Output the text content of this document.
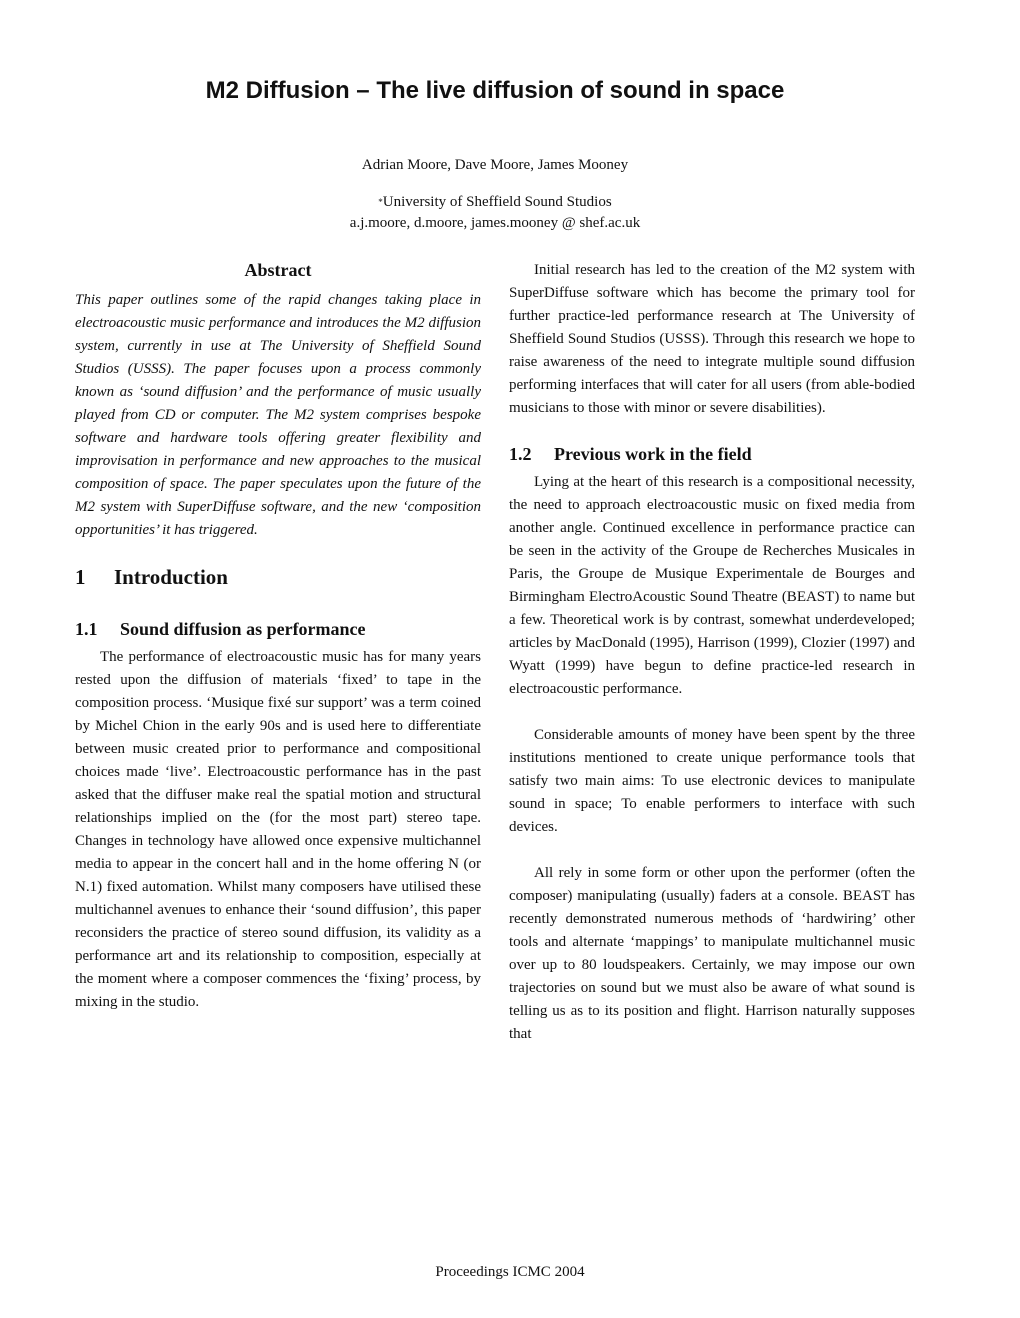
M2 Diffusion – The live diffusion of sound in space
Adrian Moore, Dave Moore, James Mooney
*University of Sheffield Sound Studios
a.j.moore, d.moore, james.mooney @ shef.ac.uk
Abstract

This paper outlines some of the rapid changes taking place in electroacoustic music performance and introduces the M2 diffusion system, currently in use at The University of Sheffield Sound Studios (USSS). The paper focuses upon a process commonly known as ‘sound diffusion’ and the performance of music usually played from CD or computer. The M2 system comprises bespoke software and hardware tools offering greater flexibility and improvisation in performance and new approaches to the musical composition of space. The paper speculates upon the future of the M2 system with SuperDiffuse software, and the new ‘composition opportunities’ it has triggered.

1 Introduction
1.1 Sound diffusion as performance

The performance of electroacoustic music has for many years rested upon the diffusion of materials ‘fixed’ to tape in the composition process. ‘Musique fixé sur support’ was a term coined by Michel Chion in the early 90s and is used here to differentiate between music created prior to performance and compositional choices made ‘live’. Electroacoustic performance has in the past asked that the diffuser make real the spatial motion and structural relationships implied on the (for the most part) stereo tape. Changes in technology have allowed once expensive multichannel media to appear in the concert hall and in the home offering N (or N.1) fixed automation. Whilst many composers have utilised these multichannel avenues to enhance their ‘sound diffusion’, this paper reconsiders the practice of stereo sound diffusion, its validity as a performance art and its relationship to composition, especially at the moment where a composer commences the ‘fixing’ process, by mixing in the studio.

Initial research has led to the creation of the M2 system with SuperDiffuse software which has become the primary tool for further practice-led performance research at The University of Sheffield Sound Studios (USSS). Through this research we hope to raise awareness of the need to integrate multiple sound diffusion performing interfaces that will cater for all users (from able-bodied musicians to those with minor or severe disabilities).

1.2 Previous work in the field

Lying at the heart of this research is a compositional necessity, the need to approach electroacoustic music on fixed media from another angle. Continued excellence in performance practice can be seen in the activity of the Groupe de Recherches Musicales in Paris, the Groupe de Musique Experimentale de Bourges and Birmingham ElectroAcoustic Sound Theatre (BEAST) to name but a few. Theoretical work is by contrast, somewhat underdeveloped; articles by MacDonald (1995), Harrison (1999), Clozier (1997) and Wyatt (1999) have begun to define practice-led research in electroacoustic performance.

Considerable amounts of money have been spent by the three institutions mentioned to create unique performance tools that satisfy two main aims: To use electronic devices to manipulate sound in space; To enable performers to interface with such devices.

All rely in some form or other upon the performer (often the composer) manipulating (usually) faders at a console. BEAST has recently demonstrated numerous methods of ‘hardwiring’ other tools and alternate ‘mappings’ to manipulate multichannel music over up to 80 loudspeakers. Certainly, we may impose our own trajectories on sound but we must also be aware of what sound is telling us as to its position and flight. Harrison naturally supposes that

Proceedings ICMC 2004
